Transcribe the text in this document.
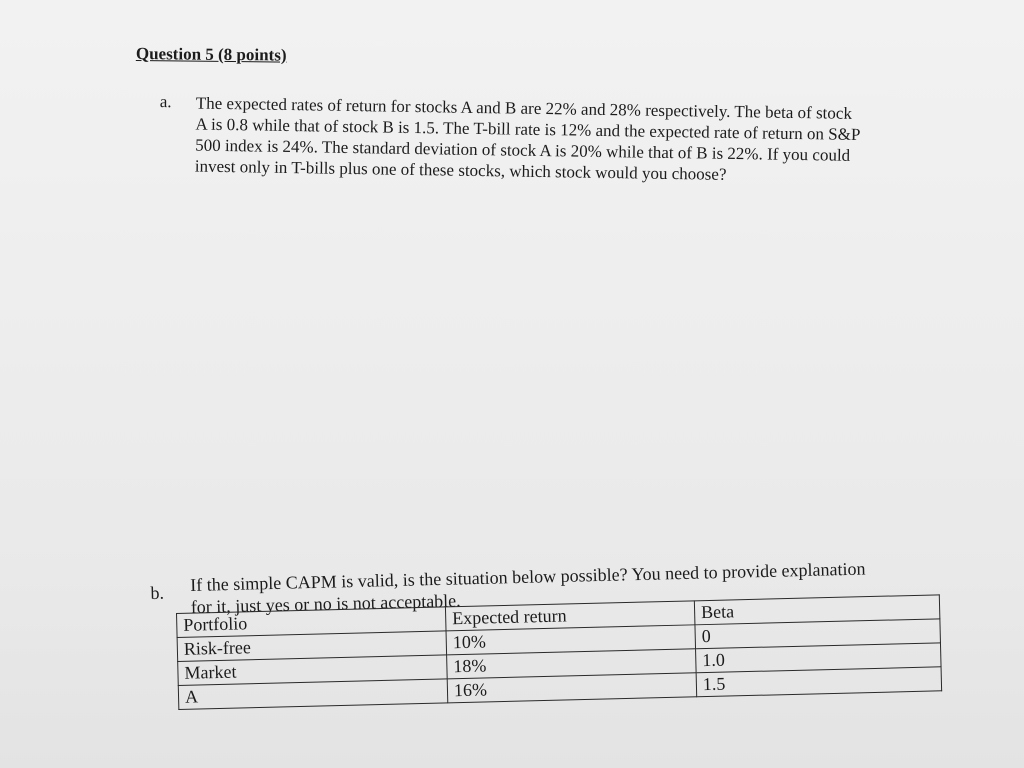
Question 5 (8 points)
a. The expected rates of return for stocks A and B are 22% and 28% respectively. The beta of stock A is 0.8 while that of stock B is 1.5. The T-bill rate is 12% and the expected rate of return on S&P 500 index is 24%. The standard deviation of stock A is 20% while that of B is 22%. If you could invest only in T-bills plus one of these stocks, which stock would you choose?
b. If the simple CAPM is valid, is the situation below possible? You need to provide explanation for it, just yes or no is not acceptable.
Portfolio	Expected return	Beta
Risk-free	10%	0
Market	18%	1.0
A	16%	1.5
